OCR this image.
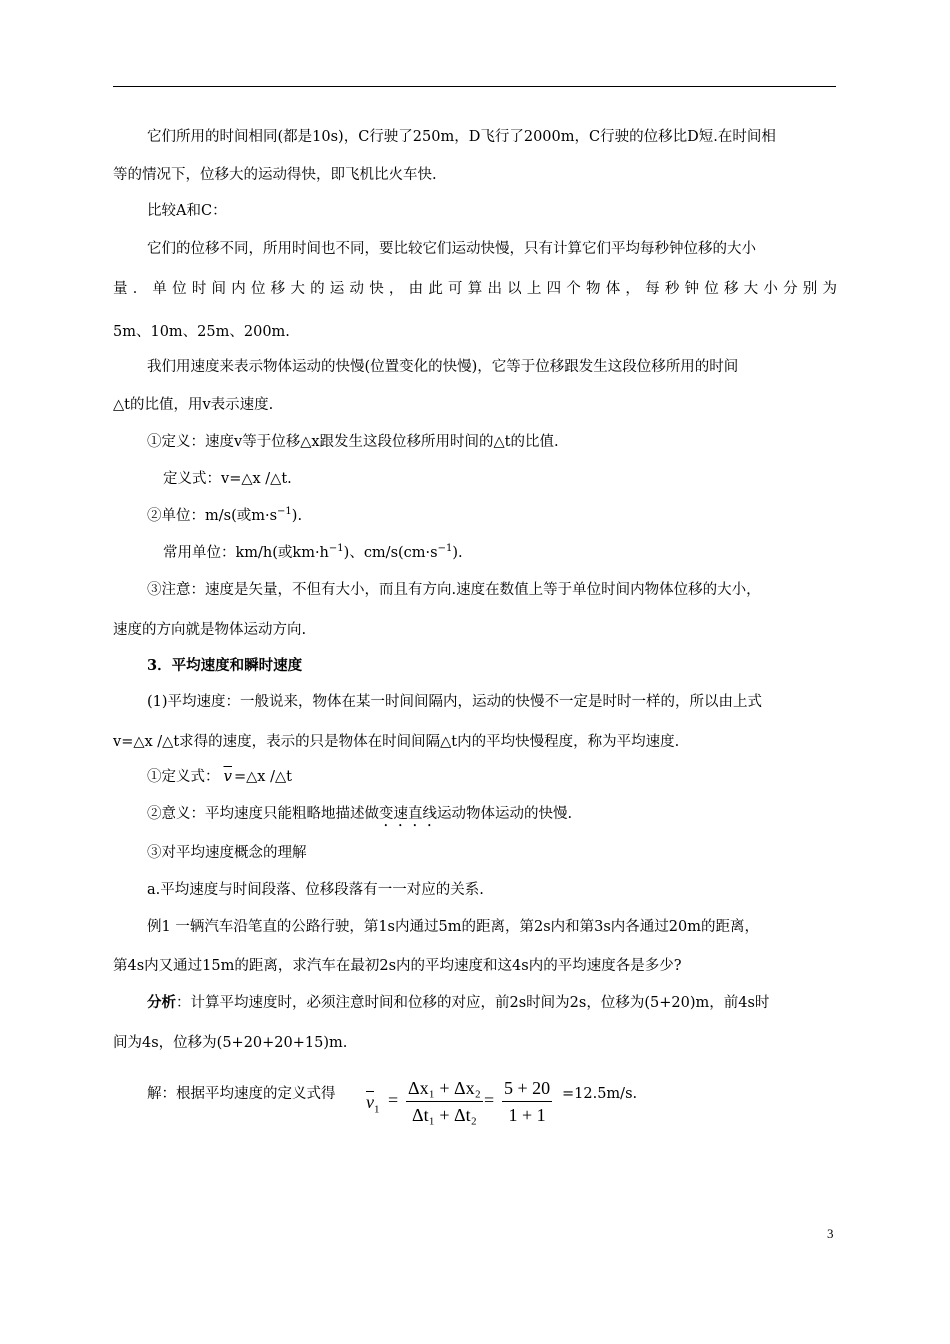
它们所用的时间相同(都是10s)，C行驶了250m，D飞行了2000m，C行驶的位移比D短.在时间相
等的情况下，位移大的运动得快，即飞机比火车快.
比较A和C：
它们的位移不同，所用时间也不同，要比较它们运动快慢，只有计算它们平均每秒钟位移的大小
量．单位时间内位移大的运动快，由此可算出以上四个物体，每秒钟位移大小分别为
5m、10m、25m、200m.
我们用速度来表示物体运动的快慢(位置变化的快慢)，它等于位移跟发生这段位移所用的时间
△t的比值，用v表示速度.
①定义：速度v等于位移△x跟发生这段位移所用时间的△t的比值.
定义式：v=△x /△t.
②单位：m/s(或$m\cdot s^{-1}$).
常用单位：km/h(或$km\cdot h^{-1}$)、$cm/s(cm\cdot s^{-1})$.
③注意：速度是矢量，不但有大小，而且有方向.速度在数值上等于单位时间内物体位移的大小，
速度的方向就是物体运动方向.
3．平均速度和瞬时速度
(1)平均速度：一般说来，物体在某一时间间隔内，运动的快慢不一定是时时一样的，所以由上式
v=△x /△t求得的速度，表示的只是物体在时间间隔△t内的平均快慢程度，称为平均速度.
①定义式： $\overline{v}$ =△x /△t
②意义：平均速度只能粗略地描述做变速直线运动物体运动的快慢.
③对平均速度概念的理解
a.平均速度与时间段落、位移段落有一一对应的关系.
例1 一辆汽车沿笔直的公路行驶，第1s内通过5m的距离，第2s内和第3s内各通过20m的距离，
第4s内又通过15m的距离，求汽车在最初2s内的平均速度和这4s内的平均速度各是多少?
分析：计算平均速度时，必须注意时间和位移的对应，前2s时间为2s，位移为(5+20)m，前4s时
间为4s，位移为(5+20+20+15)m.
解：根据平均速度的定义式得	$\overline{v}_1 = \frac{\text{Δx₁ + Δx₂}}{\text{Δt₁ + Δt₂}} = \frac{5 + 20}{1 + 1} =12.5m/s$.
3
